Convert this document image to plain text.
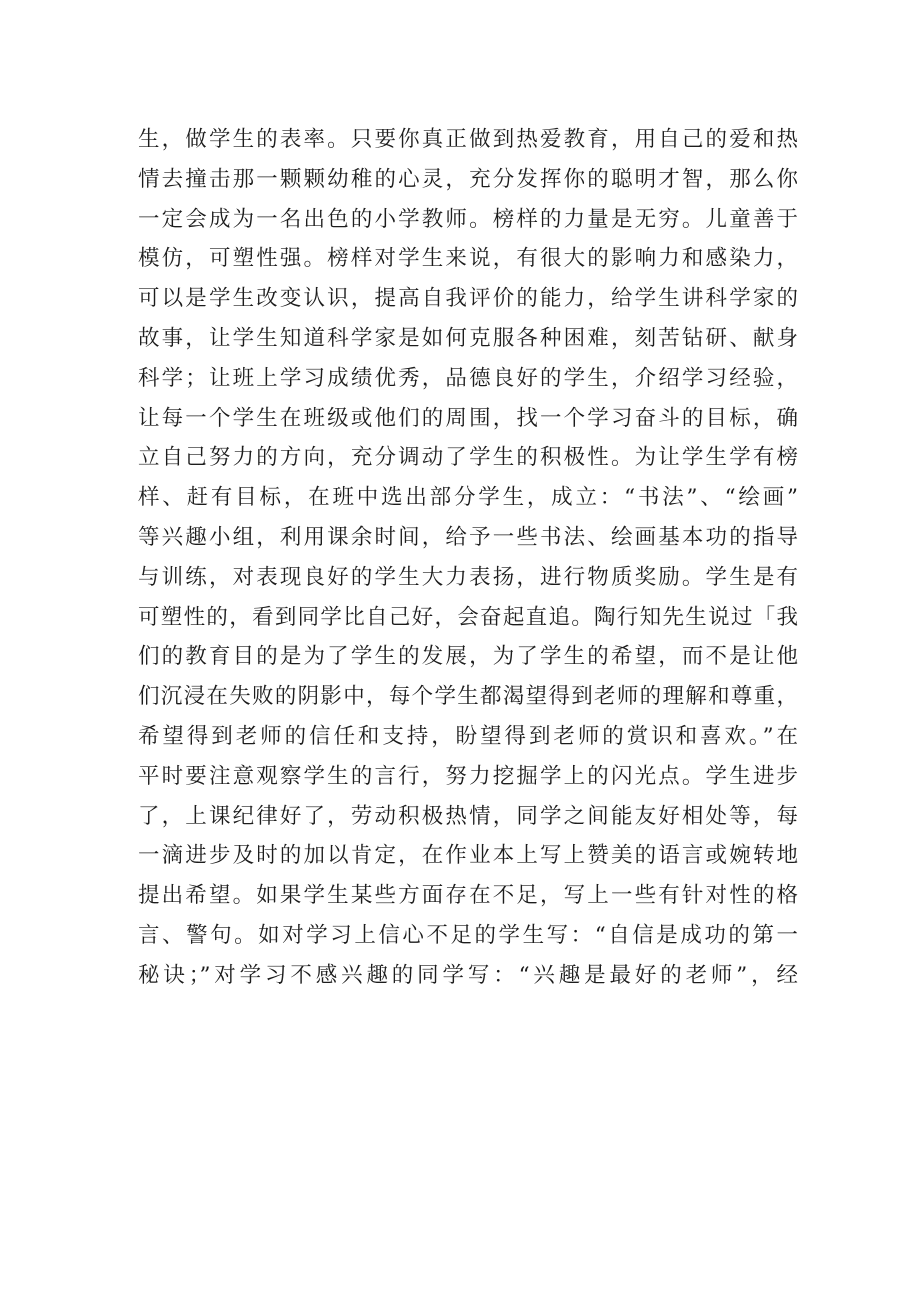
生，做学生的表率。只要你真正做到热爱教育，用自己的爱和热
情去撞击那一颗颗幼稚的心灵，充分发挥你的聪明才智，那么你
一定会成为一名出色的小学教师。榜样的力量是无穷。儿童善于
模仿，可塑性强。榜样对学生来说，有很大的影响力和感染力，
可以是学生改变认识，提高自我评价的能力，给学生讲科学家的
故事，让学生知道科学家是如何克服各种困难，刻苦钻研、献身
科学；让班上学习成绩优秀，品德良好的学生，介绍学习经验，
让每一个学生在班级或他们的周围，找一个学习奋斗的目标，确
立自己努力的方向，充分调动了学生的积极性。为让学生学有榜
样、赶有目标，在班中选出部分学生，成立：“书法”、“绘画”
等兴趣小组，利用课余时间，给予一些书法、绘画基本功的指导
与训练，对表现良好的学生大力表扬，进行物质奖励。学生是有
可塑性的，看到同学比自己好，会奋起直追。陶行知先生说过「我
们的教育目的是为了学生的发展，为了学生的希望，而不是让他
们沉浸在失败的阴影中，每个学生都渴望得到老师的理解和尊重，
希望得到老师的信任和支持，盼望得到老师的赏识和喜欢。”在
平时要注意观察学生的言行，努力挖掘学上的闪光点。学生进步
了，上课纪律好了，劳动积极热情，同学之间能友好相处等，每
一滴进步及时的加以肯定，在作业本上写上赞美的语言或婉转地
提出希望。如果学生某些方面存在不足，写上一些有针对性的格
言、警句。如对学习上信心不足的学生写：“自信是成功的第一
秘诀；”对学习不感兴趣的同学写：“兴趣是最好的老师”，经
